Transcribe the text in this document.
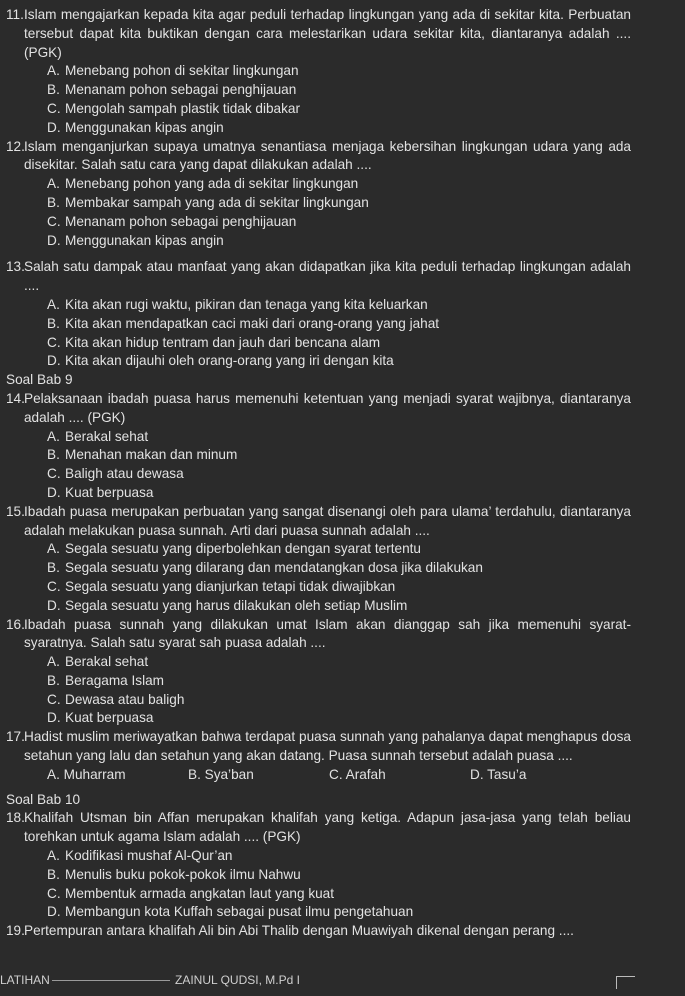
11. Islam mengajarkan kepada kita agar peduli terhadap lingkungan yang ada di sekitar kita. Perbuatan tersebut dapat kita buktikan dengan cara melestarikan udara sekitar kita, diantaranya adalah .... (PGK)
A. Menebang pohon di sekitar lingkungan
B. Menanam pohon sebagai penghijauan
C. Mengolah sampah plastik tidak dibakar
D. Menggunakan kipas angin
12. Islam menganjurkan supaya umatnya senantiasa menjaga kebersihan lingkungan udara yang ada disekitar. Salah satu cara yang dapat dilakukan adalah ....
A. Menebang pohon yang ada di sekitar lingkungan
B. Membakar sampah yang ada di sekitar lingkungan
C. Menanam pohon sebagai penghijauan
D. Menggunakan kipas angin
13. Salah satu dampak atau manfaat yang akan didapatkan jika kita peduli terhadap lingkungan adalah ....
A. Kita akan rugi waktu, pikiran dan tenaga yang kita keluarkan
B. Kita akan mendapatkan caci maki dari orang-orang yang jahat
C. Kita akan hidup tentram dan jauh dari bencana alam
D. Kita akan dijauhi oleh orang-orang yang iri dengan kita
Soal Bab 9
14. Pelaksanaan ibadah puasa harus memenuhi ketentuan yang menjadi syarat wajibnya, diantaranya adalah .... (PGK)
A. Berakal sehat
B. Menahan makan dan minum
C. Baligh atau dewasa
D. Kuat berpuasa
15. Ibadah puasa merupakan perbuatan yang sangat disenangi oleh para ulama’ terdahulu, diantaranya adalah melakukan puasa sunnah. Arti dari puasa sunnah adalah ....
A. Segala sesuatu yang diperbolehkan dengan syarat tertentu
B. Segala sesuatu yang dilarang dan mendatangkan dosa jika dilakukan
C. Segala sesuatu yang dianjurkan tetapi tidak diwajibkan
D. Segala sesuatu yang harus dilakukan oleh setiap Muslim
16. Ibadah puasa sunnah yang dilakukan umat Islam akan dianggap sah jika memenuhi syarat-syaratnya. Salah satu syarat sah puasa adalah ....
A. Berakal sehat
B. Beragama Islam
C. Dewasa atau baligh
D. Kuat berpuasa
17. Hadist muslim meriwayatkan bahwa terdapat puasa sunnah yang pahalanya dapat menghapus dosa setahun yang lalu dan setahun yang akan datang. Puasa sunnah tersebut adalah puasa ....
A. Muharram	B. Sya’ban	C. Arafah	D. Tasu’a
Soal Bab 10
18. Khalifah Utsman bin Affan merupakan khalifah yang ketiga. Adapun jasa-jasa yang telah beliau torehkan untuk agama Islam adalah .... (PGK)
A. Kodifikasi mushaf Al-Qur’an
B. Menulis buku pokok-pokok ilmu Nahwu
C. Membentuk armada angkatan laut yang kuat
D. Membangun kota Kuffah sebagai pusat ilmu pengetahuan
19. Pertempuran antara khalifah Ali bin Abi Thalib dengan Muawiyah dikenal dengan perang ....
LATIHAN	ZAINUL QUDSI, M.Pd I
